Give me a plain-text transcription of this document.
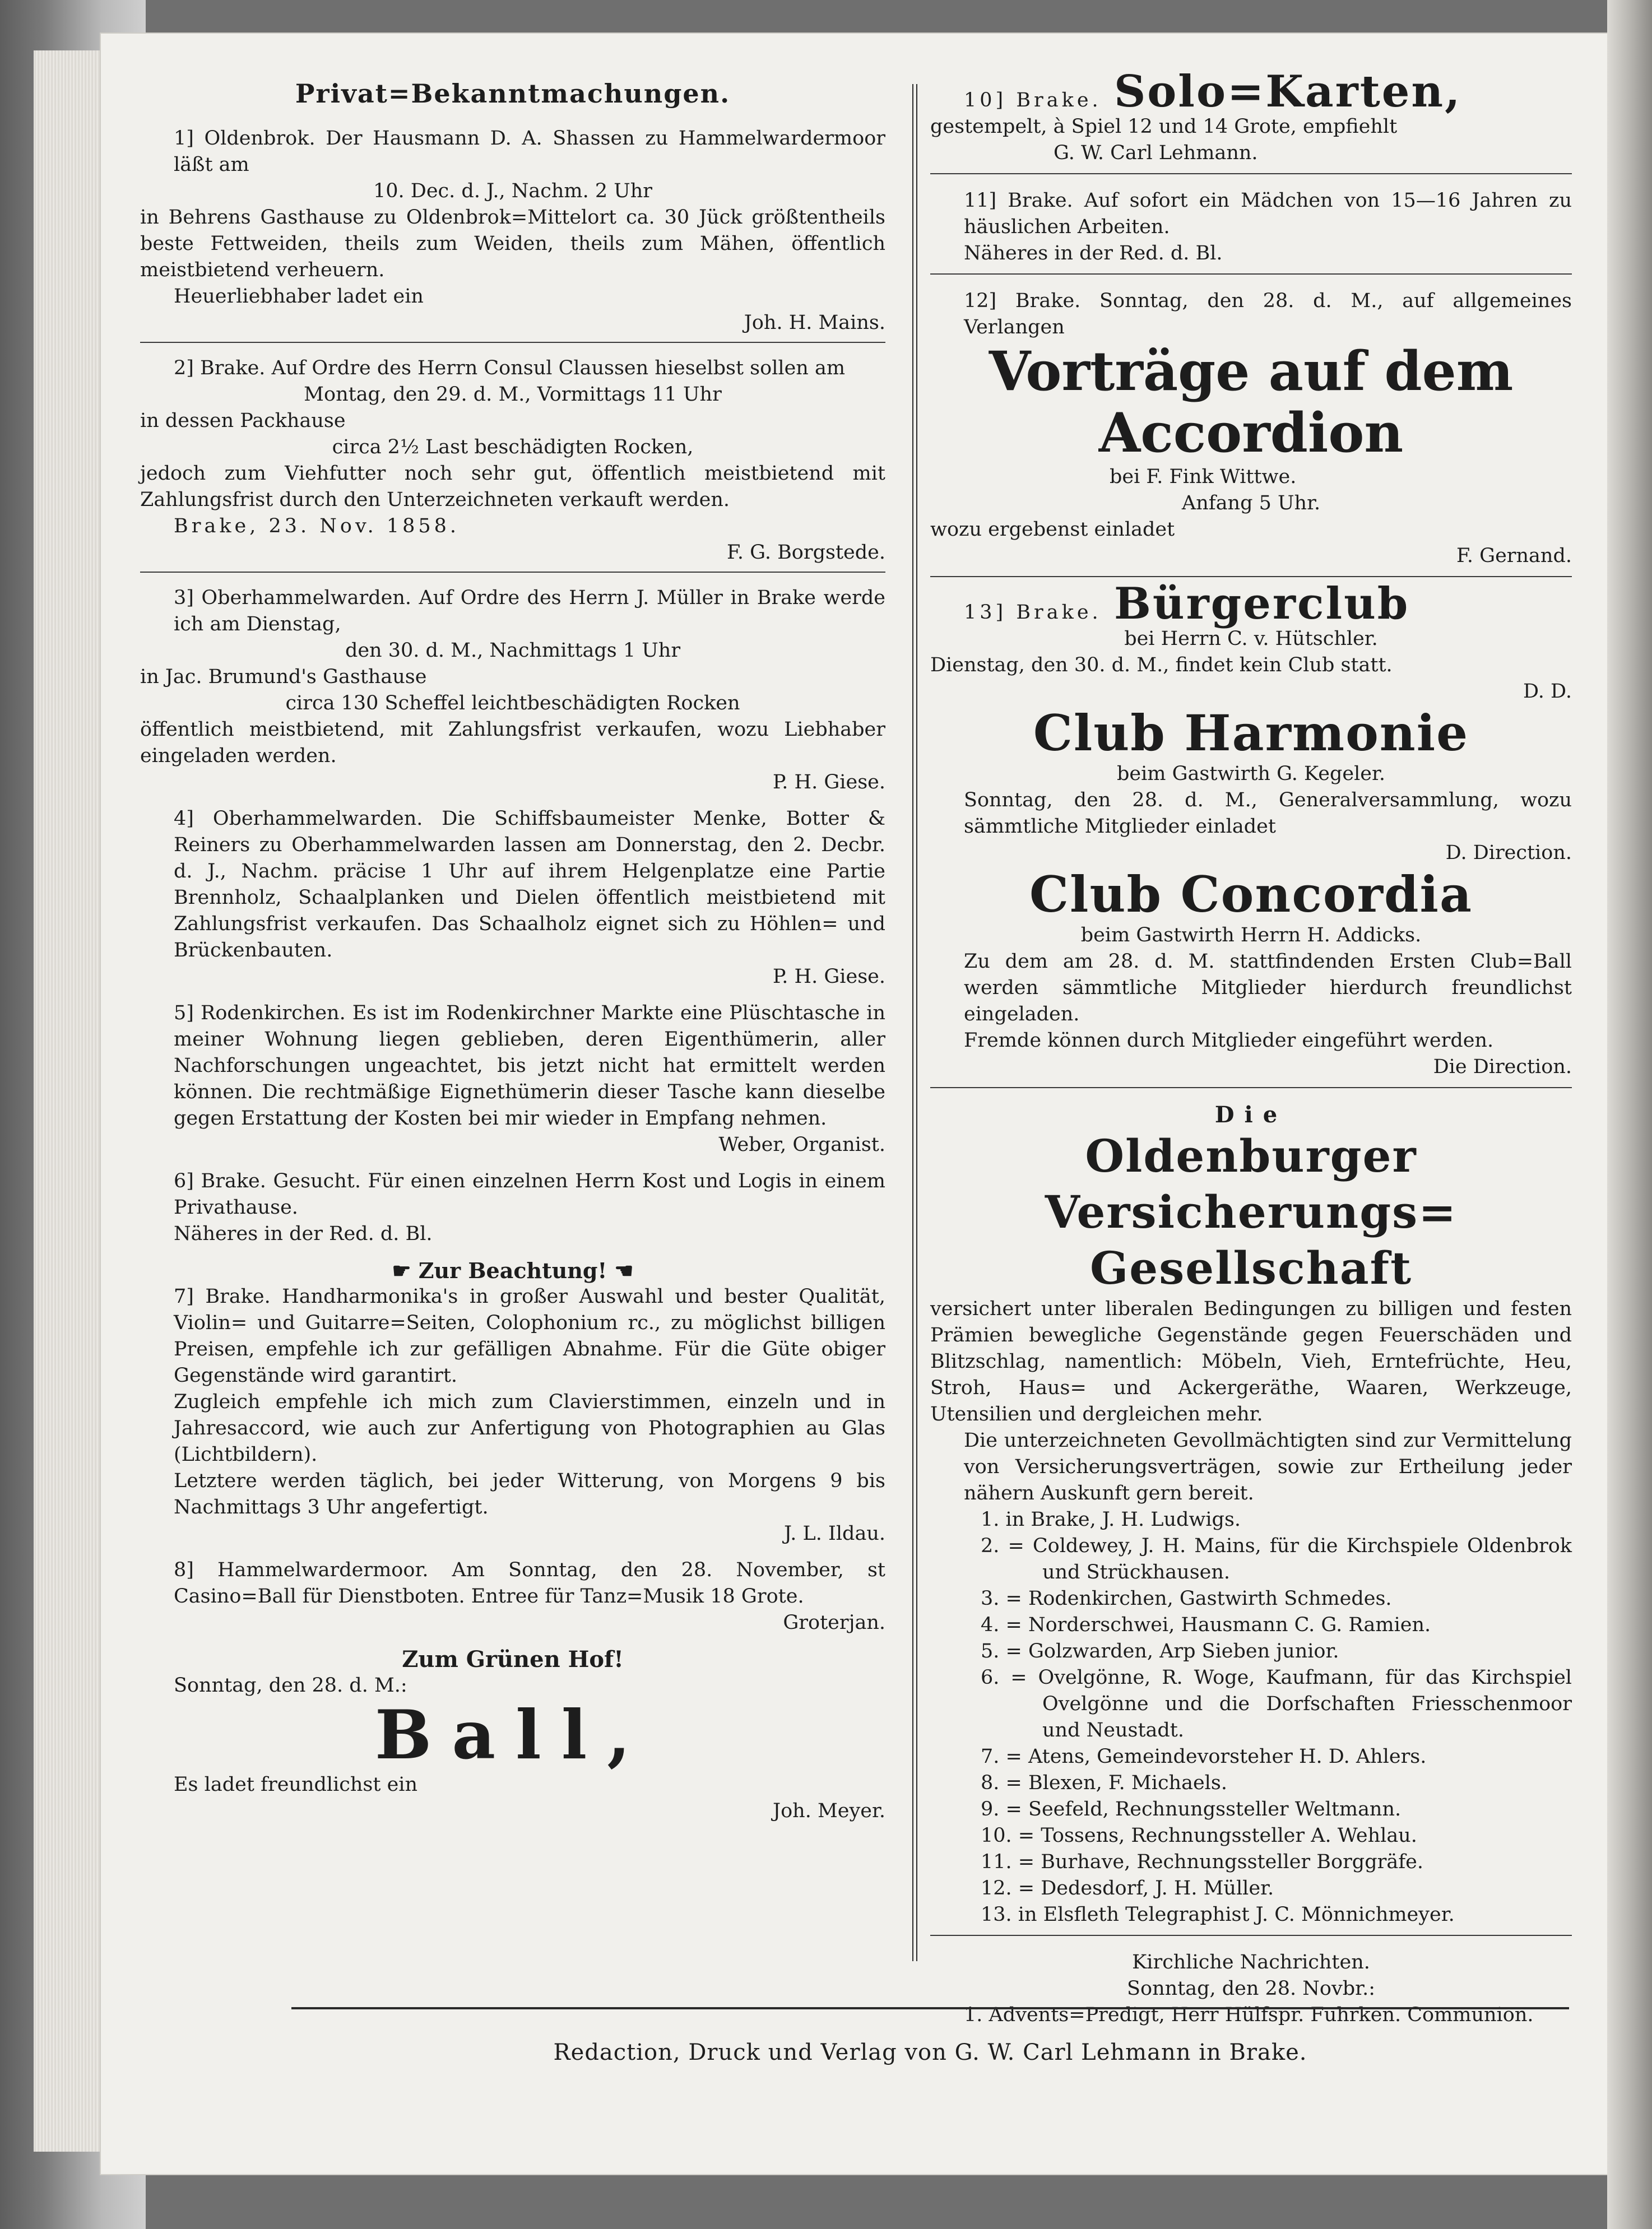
Privat=Bekanntmachungen.

1] Oldenbrok. Der Hausmann D. A. Shassen zu Hammelwardermoor läßt am

10. Dec. d. J., Nachm. 2 Uhr

in Behrens Gasthause zu Oldenbrok=Mittelort ca. 30 Jück größtentheils beste Fettweiden, theils zum Weiden, theils zum Mähen, öffentlich meistbietend verheuern.

Heuerliebhaber ladet ein

Joh. H. Mains.

2] Brake. Auf Ordre des Herrn Consul Claussen hieselbst sollen am

Montag, den 29. d. M., Vormittags 11 Uhr

in dessen Packhause

circa 2½ Last beschädigten Rocken,

jedoch zum Viehfutter noch sehr gut, öffentlich meistbietend mit Zahlungsfrist durch den Unterzeichneten verkauft werden.

Brake, 23. Nov. 1858.

F. G. Borgstede.

3] Oberhammelwarden. Auf Ordre des Herrn J. Müller in Brake werde ich am Dienstag,

den 30. d. M., Nachmittags 1 Uhr

in Jac. Brumund's Gasthause

circa 130 Scheffel leichtbeschädigten Rocken

öffentlich meistbietend, mit Zahlungsfrist verkaufen, wozu Liebhaber eingeladen werden.

P. H. Giese.

4] Oberhammelwarden. Die Schiffsbaumeister Menke, Botter & Reiners zu Oberhammelwarden lassen am Donnerstag, den 2. Decbr. d. J., Nachm. präcise 1 Uhr auf ihrem Helgenplatze eine Partie Brennholz, Schaalplanken und Dielen öffentlich meistbietend mit Zahlungsfrist verkaufen. Das Schaalholz eignet sich zu Höhlen= und Brückenbauten.

P. H. Giese.

5] Rodenkirchen. Es ist im Rodenkirchner Markte eine Plüschtasche in meiner Wohnung liegen geblieben, deren Eigenthümerin, aller Nachforschungen ungeachtet, bis jetzt nicht hat ermittelt werden können. Die rechtmäßige Eignethümerin dieser Tasche kann dieselbe gegen Erstattung der Kosten bei mir wieder in Empfang nehmen.

Weber, Organist.

6] Brake. Gesucht. Für einen einzelnen Herrn Kost und Logis in einem Privathause.

Näheres in der Red. d. Bl.

☛ Zur Beachtung! ☚

7] Brake. Handharmonika's in großer Auswahl und bester Qualität, Violin= und Guitarre=Seiten, Colophonium rc., zu möglichst billigen Preisen, empfehle ich zur gefälligen Abnahme. Für die Güte obiger Gegenstände wird garantirt.

Zugleich empfehle ich mich zum Clavierstimmen, einzeln und in Jahresaccord, wie auch zur Anfertigung von Photographien au Glas (Lichtbildern).

Letztere werden täglich, bei jeder Witterung, von Morgens 9 bis Nachmittags 3 Uhr angefertigt.

J. L. Ildau.

8] Hammelwardermoor. Am Sonntag, den 28. November, st Casino=Ball für Dienstboten. Entree für Tanz=Musik 18 Grote.

Groterjan.

Zum Grünen Hof!

Sonntag, den 28. d. M.:

Ball,

Es ladet freundlichst ein

Joh. Meyer.

10] Brake. Solo=Karten,

gestempelt, à Spiel 12 und 14 Grote, empfiehlt

G. W. Carl Lehmann.

11] Brake. Auf sofort ein Mädchen von 15—16 Jahren zu häuslichen Arbeiten.

Näheres in der Red. d. Bl.

12] Brake. Sonntag, den 28. d. M., auf allgemeines Verlangen

Vorträge auf dem Accordion

bei F. Fink Wittwe.

Anfang 5 Uhr.

wozu ergebenst einladet

F. Gernand.

13] Brake. Bürgerclub

bei Herrn C. v. Hütschler.

Dienstag, den 30. d. M., findet kein Club statt.

D. D.

Club Harmonie

beim Gastwirth G. Kegeler.

Sonntag, den 28. d. M., Generalversammlung, wozu sämmtliche Mitglieder einladet

D. Direction.

Club Concordia

beim Gastwirth Herrn H. Addicks.

Zu dem am 28. d. M. stattfindenden Ersten Club=Ball werden sämmtliche Mitglieder hierdurch freundlichst eingeladen.

Fremde können durch Mitglieder eingeführt werden.

Die Direction.

Die

Oldenburger Versicherungs=
Gesellschaft

versichert unter liberalen Bedingungen zu billigen und festen Prämien bewegliche Gegenstände gegen Feuerschäden und Blitzschlag, namentlich: Möbeln, Vieh, Erntefrüchte, Heu, Stroh, Haus= und Ackergeräthe, Waaren, Werkzeuge, Utensilien und dergleichen mehr.

Die unterzeichneten Gevollmächtigten sind zur Vermittelung von Versicherungsverträgen, sowie zur Ertheilung jeder nähern Auskunft gern bereit.

1. in Brake, J. H. Ludwigs.

2. = Coldewey, J. H. Mains, für die Kirchspiele Oldenbrok und Strückhausen.

3. = Rodenkirchen, Gastwirth Schmedes.

4. = Norderschwei, Hausmann C. G. Ramien.

5. = Golzwarden, Arp Sieben junior.

6. = Ovelgönne, R. Woge, Kaufmann, für das Kirchspiel Ovelgönne und die Dorfschaften Friesschenmoor und Neustadt.

7. = Atens, Gemeindevorsteher H. D. Ahlers.

8. = Blexen, F. Michaels.

9. = Seefeld, Rechnungssteller Weltmann.

10. = Tossens, Rechnungssteller A. Wehlau.

11. = Burhave, Rechnungssteller Borggräfe.

12. = Dedesdorf, J. H. Müller.

13. in Elsfleth Telegraphist J. C. Mönnichmeyer.

Kirchliche Nachrichten.

Sonntag, den 28. Novbr.:

1. Advents=Predigt, Herr Hülfspr. Fuhrken. Communion.

Redaction, Druck und Verlag von G. W. Carl Lehmann in Brake.
